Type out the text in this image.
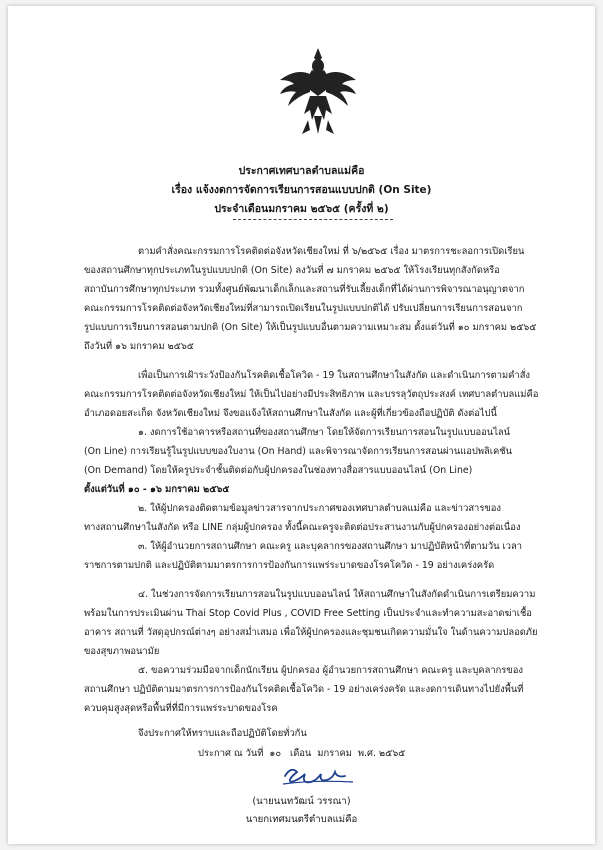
ประกาศเทศบาลตำบลแม่คือ
เรื่อง แจ้งงดการจัดการเรียนการสอนแบบปกติ (On Site)
ประจำเดือนมกราคม ๒๕๖๕ (ครั้งที่ ๒)
ตามคำสั่งคณะกรรมการโรคติดต่อจังหวัดเชียงใหม่ ที่ ๖/๒๕๖๕ เรื่อง มาตรการชะลอการเปิดเรียน
ของสถานศึกษาทุกประเภทในรูปแบบปกติ (On Site) ลงวันที่ ๗ มกราคม ๒๕๖๕ ให้โรงเรียนทุกสังกัดหรือ
สถาบันการศึกษาทุกประเภท รวมทั้งศูนย์พัฒนาเด็กเล็กและสถานที่รับเลี้ยงเด็กที่ได้ผ่านการพิจารณาอนุญาตจาก
คณะกรรมการโรคติดต่อจังหวัดเชียงใหม่ที่สามารถเปิดเรียนในรูปแบบปกติได้ ปรับเปลี่ยนการเรียนการสอนจาก
รูปแบบการเรียนการสอนตามปกติ (On Site) ให้เป็นรูปแบบอื่นตามความเหมาะสม ตั้งแต่วันที่ ๑๐ มกราคม ๒๕๖๕
ถึงวันที่ ๑๖ มกราคม ๒๕๖๕
เพื่อเป็นการเฝ้าระวังป้องกันโรคติดเชื้อโควิด - 19 ในสถานศึกษาในสังกัด และดำเนินการตามคำสั่ง
คณะกรรมการโรคติดต่อจังหวัดเชียงใหม่ ให้เป็นไปอย่างมีประสิทธิภาพ และบรรลุวัตถุประสงค์ เทศบาลตำบลแม่คือ
อำเภอดอยสะเก็ด จังหวัดเชียงใหม่ จึงขอแจ้งให้สถานศึกษาในสังกัด และผู้ที่เกี่ยวข้องถือปฏิบัติ ดังต่อไปนี้
๑. งดการใช้อาคารหรือสถานที่ของสถานศึกษา โดยให้จัดการเรียนการสอนในรูปแบบออนไลน์
(On Line) การเรียนรู้ในรูปแบบของใบงาน (On Hand) และพิจารณาจัดการเรียนการสอนผ่านแอปพลิเคชัน
(On Demand) โดยให้ครูประจำชั้นติดต่อกับผู้ปกครองในช่องทางสื่อสารแบบออนไลน์ (On Line)
ตั้งแต่วันที่ ๑๐ - ๑๖ มกราคม ๒๕๖๕
๒. ให้ผู้ปกครองติดตามข้อมูลข่าวสารจากประกาศของเทศบาลตำบลแม่คือ และข่าวสารของ
ทางสถานศึกษาในสังกัด หรือ LINE กลุ่มผู้ปกครอง ทั้งนี้คณะครูจะติดต่อประสานงานกับผู้ปกครองอย่างต่อเนื่อง
๓. ให้ผู้อำนวยการสถานศึกษา คณะครู และบุคลากรของสถานศึกษา มาปฏิบัติหน้าที่ตามวัน เวลา
ราชการตามปกติ และปฏิบัติตามมาตรการการป้องกันการแพร่ระบาดของโรคโควิด - 19 อย่างเคร่งครัด
๔. ในช่วงการจัดการเรียนการสอนในรูปแบบออนไลน์ ให้สถานศึกษาในสังกัดดำเนินการเตรียมความ
พร้อมในการประเมินผ่าน Thai Stop Covid Plus , COVID Free Setting เป็นประจำและทำความสะอาดฆ่าเชื้อ
อาคาร สถานที่ วัสดุอุปกรณ์ต่างๆ อย่างสม่ำเสมอ เพื่อให้ผู้ปกครองและชุมชนเกิดความมั่นใจ ในด้านความปลอดภัย
ของสุขภาพอนามัย
๕. ขอความร่วมมือจากเด็กนักเรียน ผู้ปกครอง ผู้อำนวยการสถานศึกษา คณะครู และบุคลากรของ
สถานศึกษา ปฏิบัติตามมาตรการการป้องกันโรคติดเชื้อโควิด - 19 อย่างเคร่งครัด และงดการเดินทางไปยังพื้นที่
ควบคุมสูงสุดหรือพื้นที่ที่มีการแพร่ระบาดของโรค
จึงประกาศให้ทราบและถือปฏิบัติโดยทั่วกัน
ประกาศ ณ วันที่  ๑๐   เดือน  มกราคม  พ.ศ. ๒๕๖๕
(นายนนทวัฒน์ วรรณา)
นายกเทศมนตรีตำบลแม่คือ
